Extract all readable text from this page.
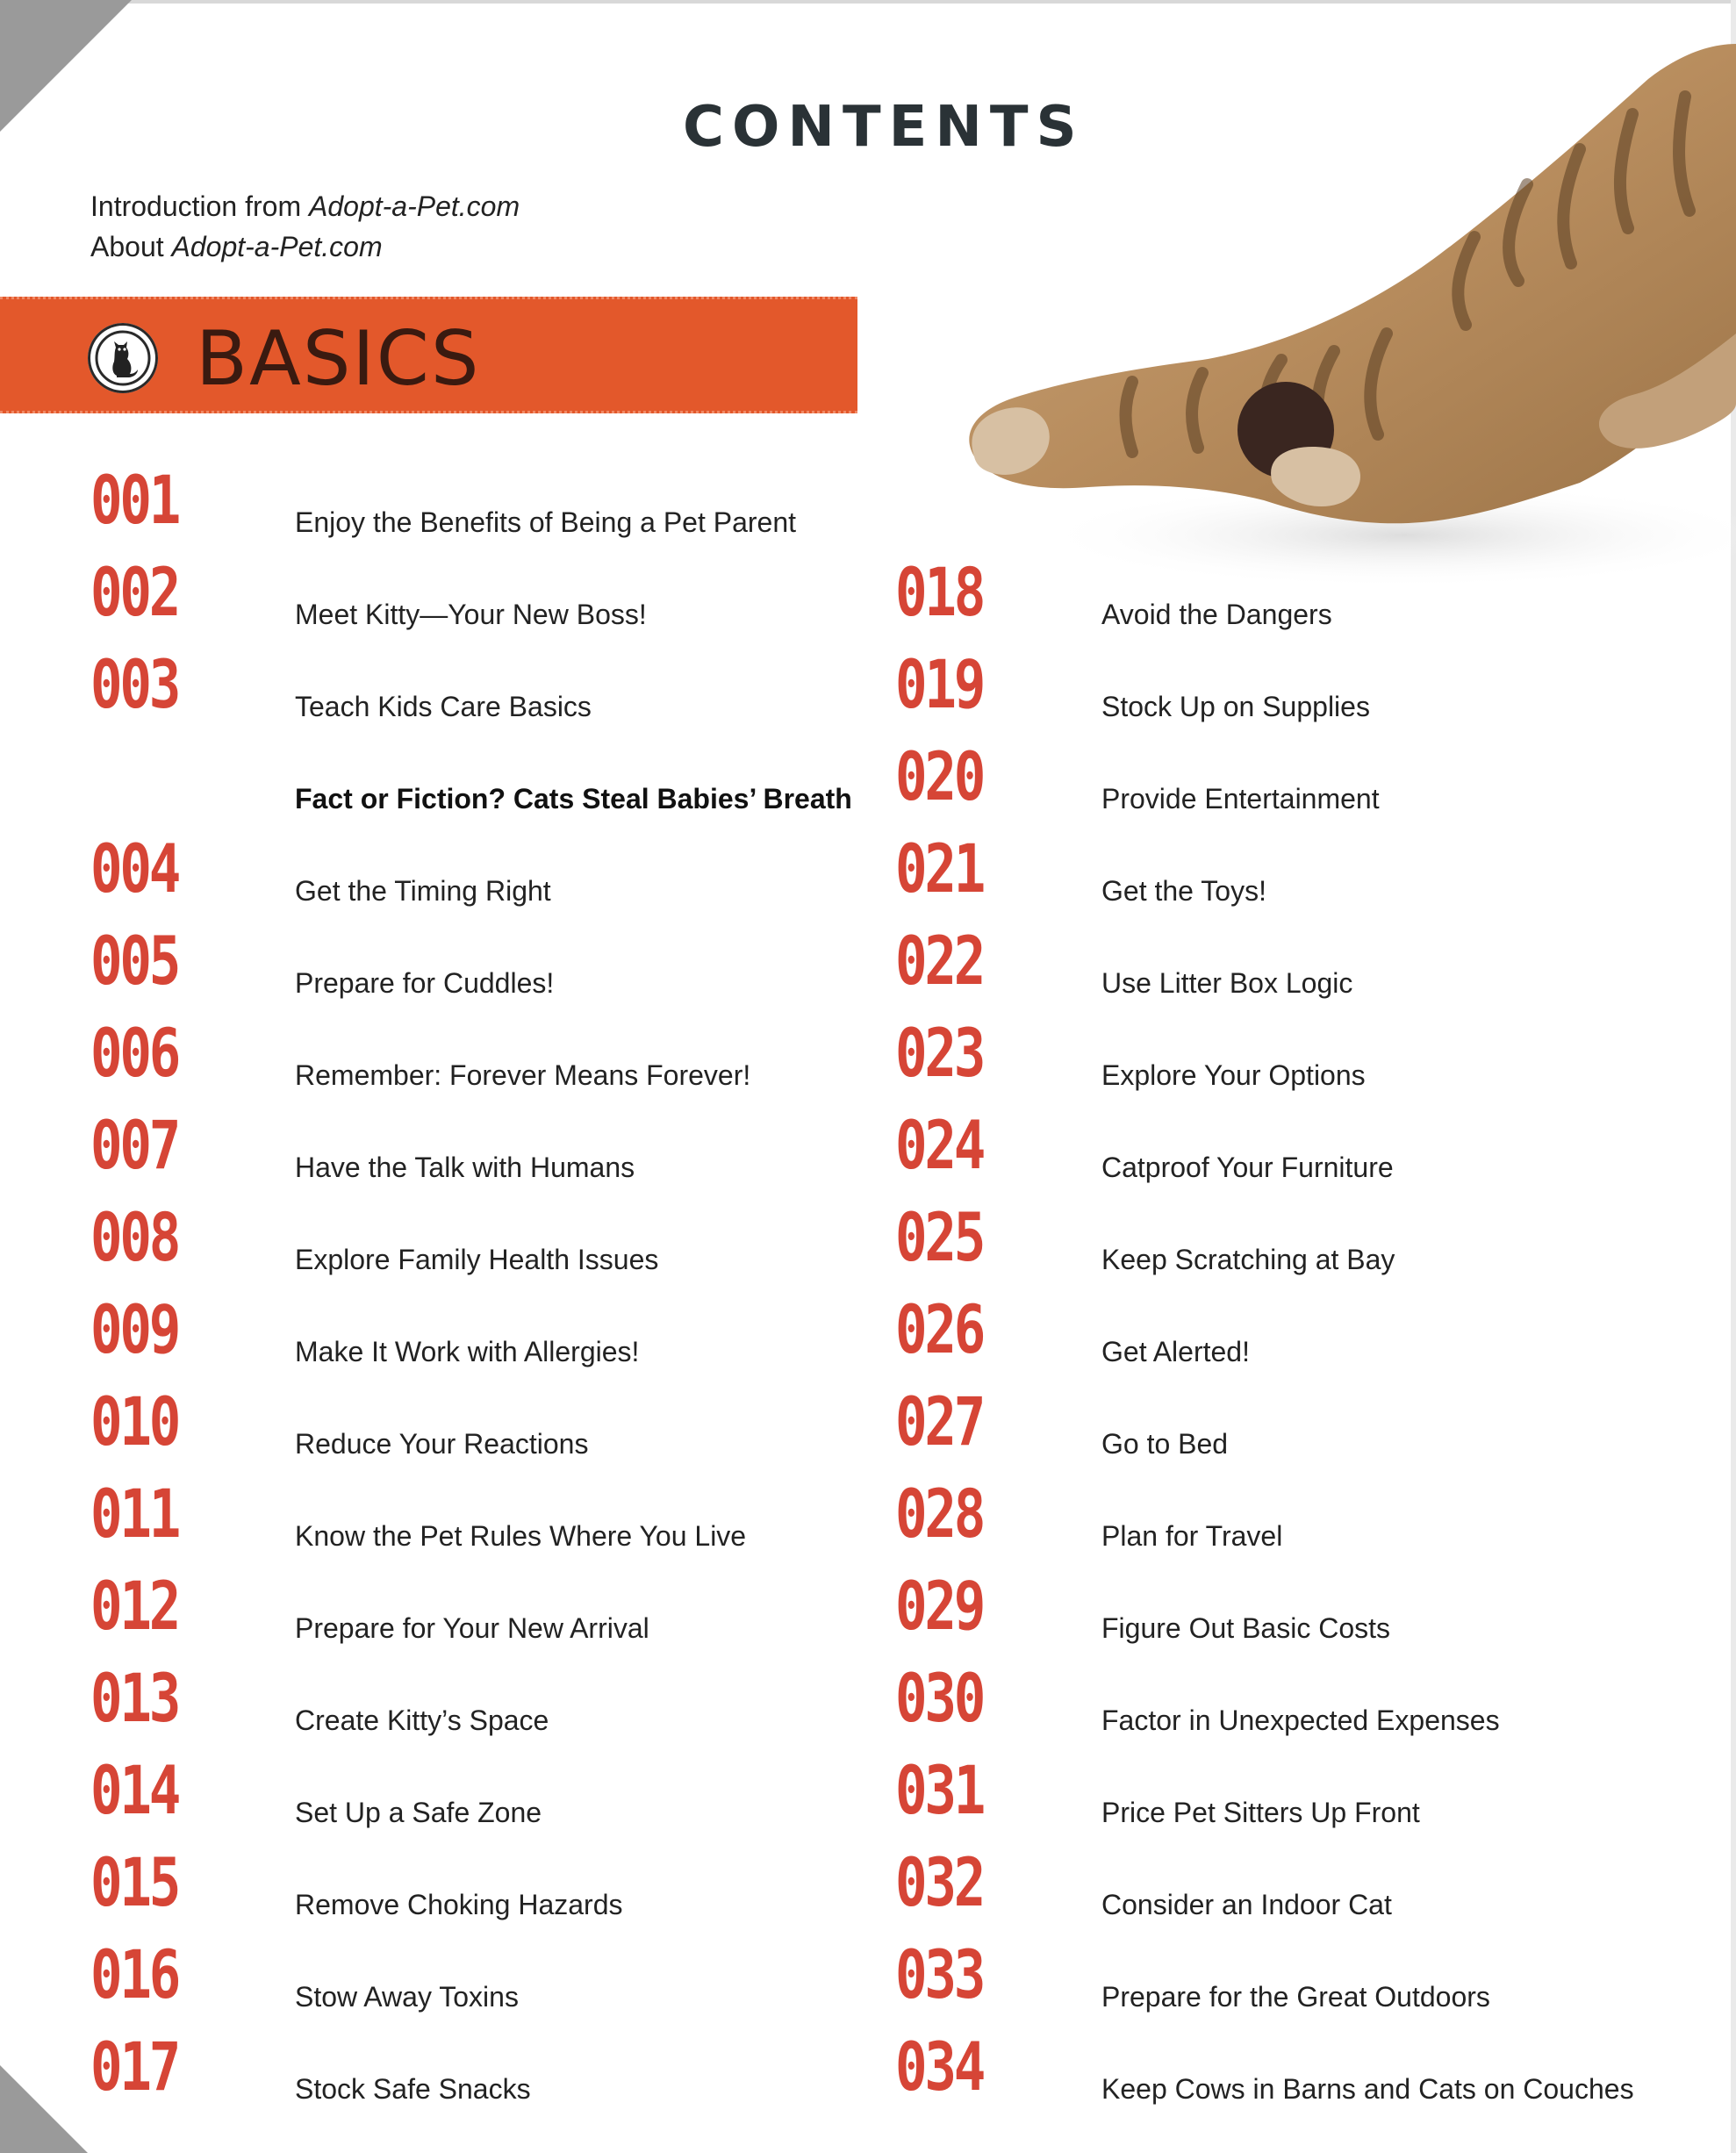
CONTENTS
Introduction from Adopt-a-Pet.com
About Adopt-a-Pet.com
BASICS
001	Enjoy the Benefits of Being a Pet Parent
002	Meet Kitty—Your New Boss!
003	Teach Kids Care Basics
Fact or Fiction? Cats Steal Babies’ Breath
004	Get the Timing Right
005	Prepare for Cuddles!
006	Remember: Forever Means Forever!
007	Have the Talk with Humans
008	Explore Family Health Issues
009	Make It Work with Allergies!
010	Reduce Your Reactions
011	Know the Pet Rules Where You Live
012	Prepare for Your New Arrival
013	Create Kitty’s Space
014	Set Up a Safe Zone
015	Remove Choking Hazards
016	Stow Away Toxins
017	Stock Safe Snacks
018	Avoid the Dangers
019	Stock Up on Supplies
020	Provide Entertainment
021	Get the Toys!
022	Use Litter Box Logic
023	Explore Your Options
024	Catproof Your Furniture
025	Keep Scratching at Bay
026	Get Alerted!
027	Go to Bed
028	Plan for Travel
029	Figure Out Basic Costs
030	Factor in Unexpected Expenses
031	Price Pet Sitters Up Front
032	Consider an Indoor Cat
033	Prepare for the Great Outdoors
034	Keep Cows in Barns and Cats on Couches
